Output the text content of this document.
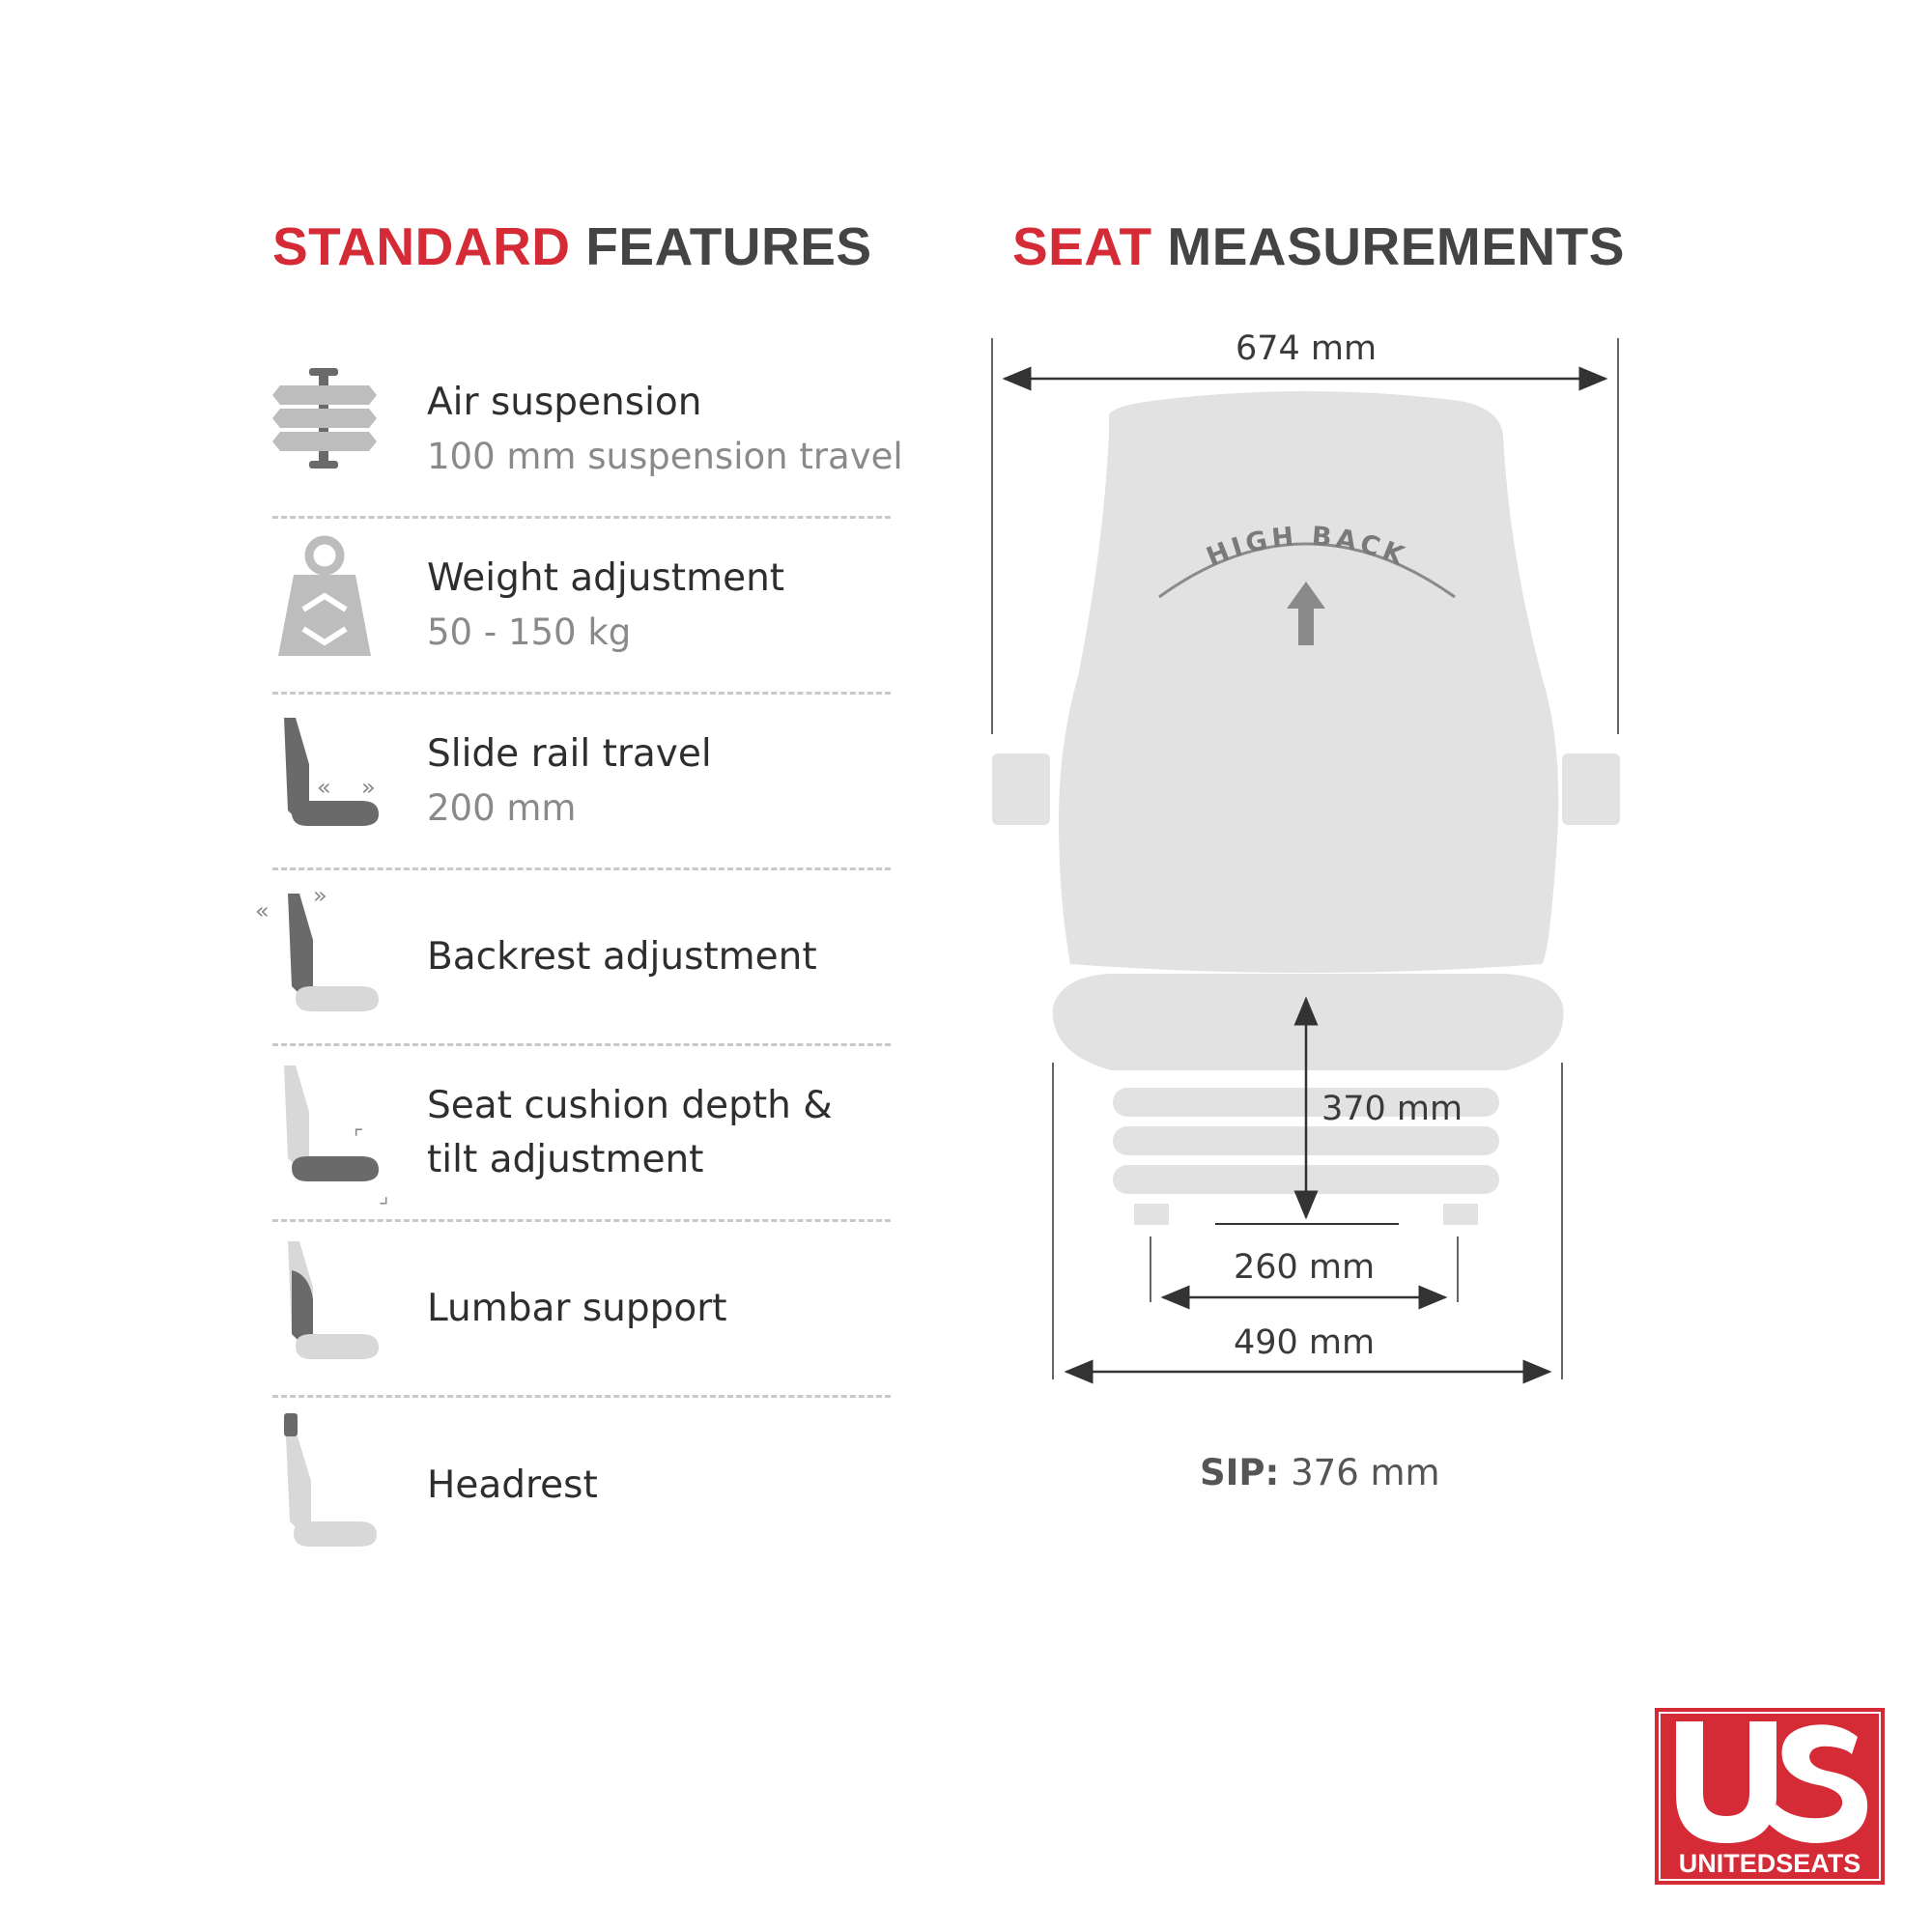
STANDARD FEATURES	SEAT MEASUREMENTS
Air suspension
100 mm suspension travel
Weight adjustment
50 - 150 kg
« »
Slide rail travel
200 mm
«
»
Backrest adjustment
⌜
⌟
Seat cushion depth &
tilt adjustment
Lumbar support
Headrest
674 mm
HIGH BACK
370 mm
260 mm
490 mm
SIP: 376 mm
UNITEDSEATS
